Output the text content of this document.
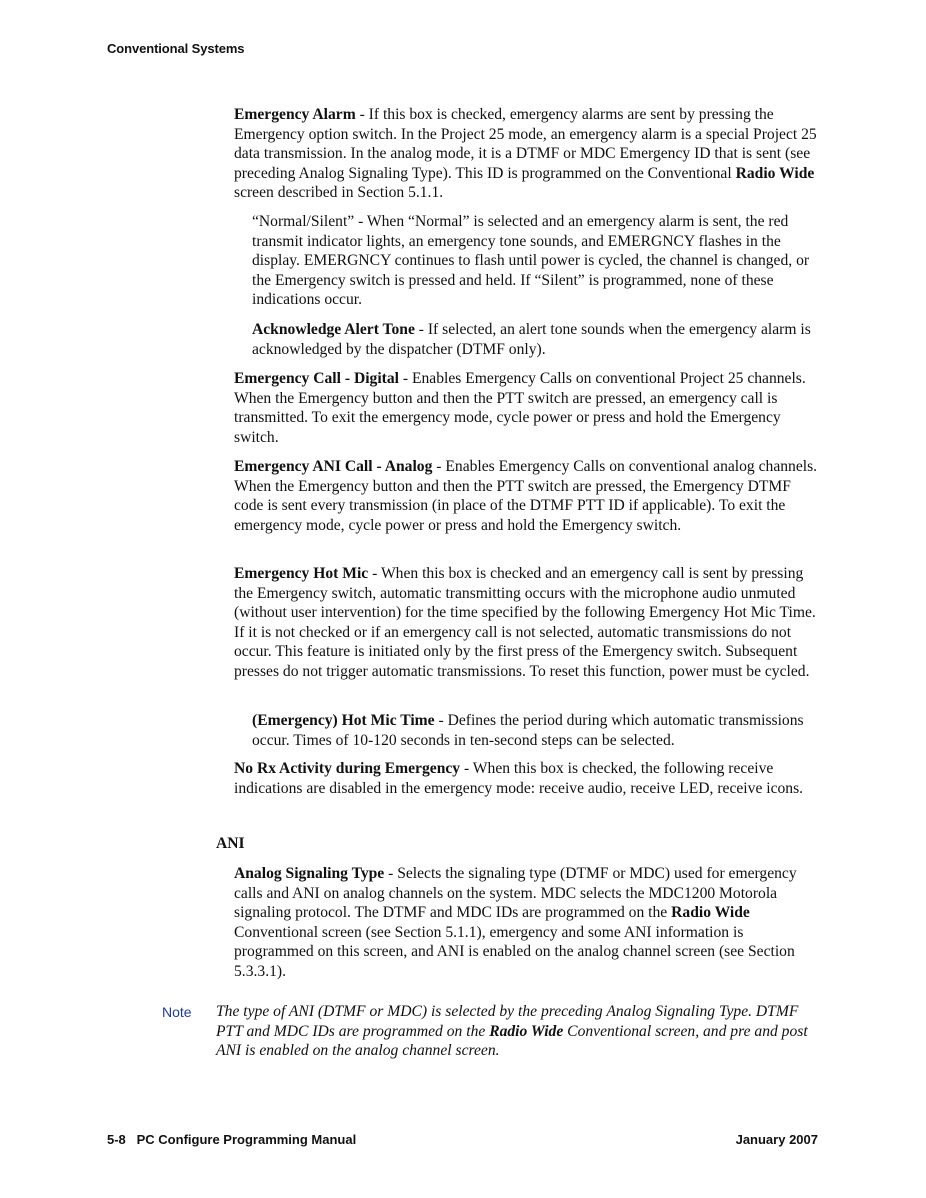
Conventional Systems

Emergency Alarm - If this box is checked, emergency alarms are sent by pressing the Emergency option switch. In the Project 25 mode, an emergency alarm is a special Project 25 data transmission. In the analog mode, it is a DTMF or MDC Emergency ID that is sent (see preceding Analog Signaling Type). This ID is programmed on the Conventional Radio Wide screen described in Section 5.1.1.

“Normal/Silent” - When “Normal” is selected and an emergency alarm is sent, the red transmit indicator lights, an emergency tone sounds, and EMERGNCY flashes in the display. EMERGNCY continues to flash until power is cycled, the channel is changed, or the Emergency switch is pressed and held. If “Silent” is programmed, none of these indications occur.

Acknowledge Alert Tone - If selected, an alert tone sounds when the emergency alarm is acknowledged by the dispatcher (DTMF only).

Emergency Call - Digital - Enables Emergency Calls on conventional Project 25 channels. When the Emergency button and then the PTT switch are pressed, an emergency call is transmitted. To exit the emergency mode, cycle power or press and hold the Emergency switch.

Emergency ANI Call - Analog - Enables Emergency Calls on conventional analog channels. When the Emergency button and then the PTT switch are pressed, the Emergency DTMF code is sent every transmission (in place of the DTMF PTT ID if applicable). To exit the emergency mode, cycle power or press and hold the Emergency switch.

Emergency Hot Mic - When this box is checked and an emergency call is sent by pressing the Emergency switch, automatic transmitting occurs with the microphone audio unmuted (without user intervention) for the time specified by the following Emergency Hot Mic Time. If it is not checked or if an emergency call is not selected, automatic transmissions do not occur. This feature is initiated only by the first press of the Emergency switch. Subsequent presses do not trigger automatic transmissions. To reset this function, power must be cycled.

(Emergency) Hot Mic Time - Defines the period during which automatic transmissions occur. Times of 10-120 seconds in ten-second steps can be selected.

No Rx Activity during Emergency - When this box is checked, the following receive indications are disabled in the emergency mode: receive audio, receive LED, receive icons.

ANI

Analog Signaling Type - Selects the signaling type (DTMF or MDC) used for emergency calls and ANI on analog channels on the system. MDC selects the MDC1200 Motorola signaling protocol. The DTMF and MDC IDs are programmed on the Radio Wide Conventional screen (see Section 5.1.1), emergency and some ANI information is programmed on this screen, and ANI is enabled on the analog channel screen (see Section 5.3.3.1).

Note The type of ANI (DTMF or MDC) is selected by the preceding Analog Signaling Type. DTMF PTT and MDC IDs are programmed on the Radio Wide Conventional screen, and pre and post ANI is enabled on the analog channel screen.

5-8   PC Configure Programming Manual	January 2007
